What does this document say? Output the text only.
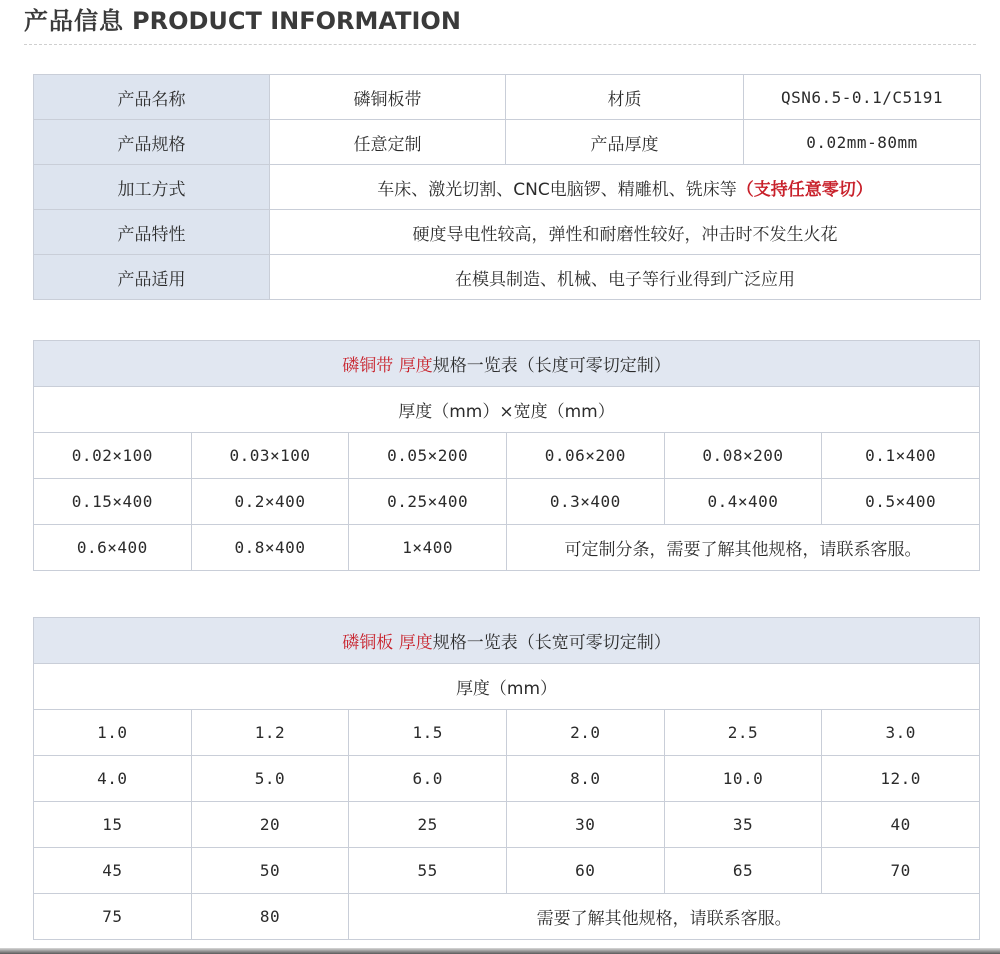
产品信息 PRODUCT INFORMATION
产品名称	磷铜板带	材质	QSN6.5-0.1/C5191
产品规格	任意定制	产品厚度	0.02mm-80mm
加工方式	车床、激光切割、CNC电脑锣、精雕机、铣床等（支持任意零切）		
产品特性	硬度导电性较高，弹性和耐磨性较好，冲击时不发生火花		
产品适用	在模具制造、机械、电子等行业得到广泛应用		
磷铜带 厚度规格一览表（长度可零切定制）					
厚度（mm）×宽度（mm）					
0.02×100	0.03×100	0.05×200	0.06×200	0.08×200	0.1×400
0.15×400	0.2×400	0.25×400	0.3×400	0.4×400	0.5×400
0.6×400	0.8×400	1×400	可定制分条，需要了解其他规格，请联系客服。		
磷铜板 厚度规格一览表（长宽可零切定制）					
厚度（mm）					
1.0	1.2	1.5	2.0	2.5	3.0
4.0	5.0	6.0	8.0	10.0	12.0
15	20	25	30	35	40
45	50	55	60	65	70
75	80	需要了解其他规格，请联系客服。			
